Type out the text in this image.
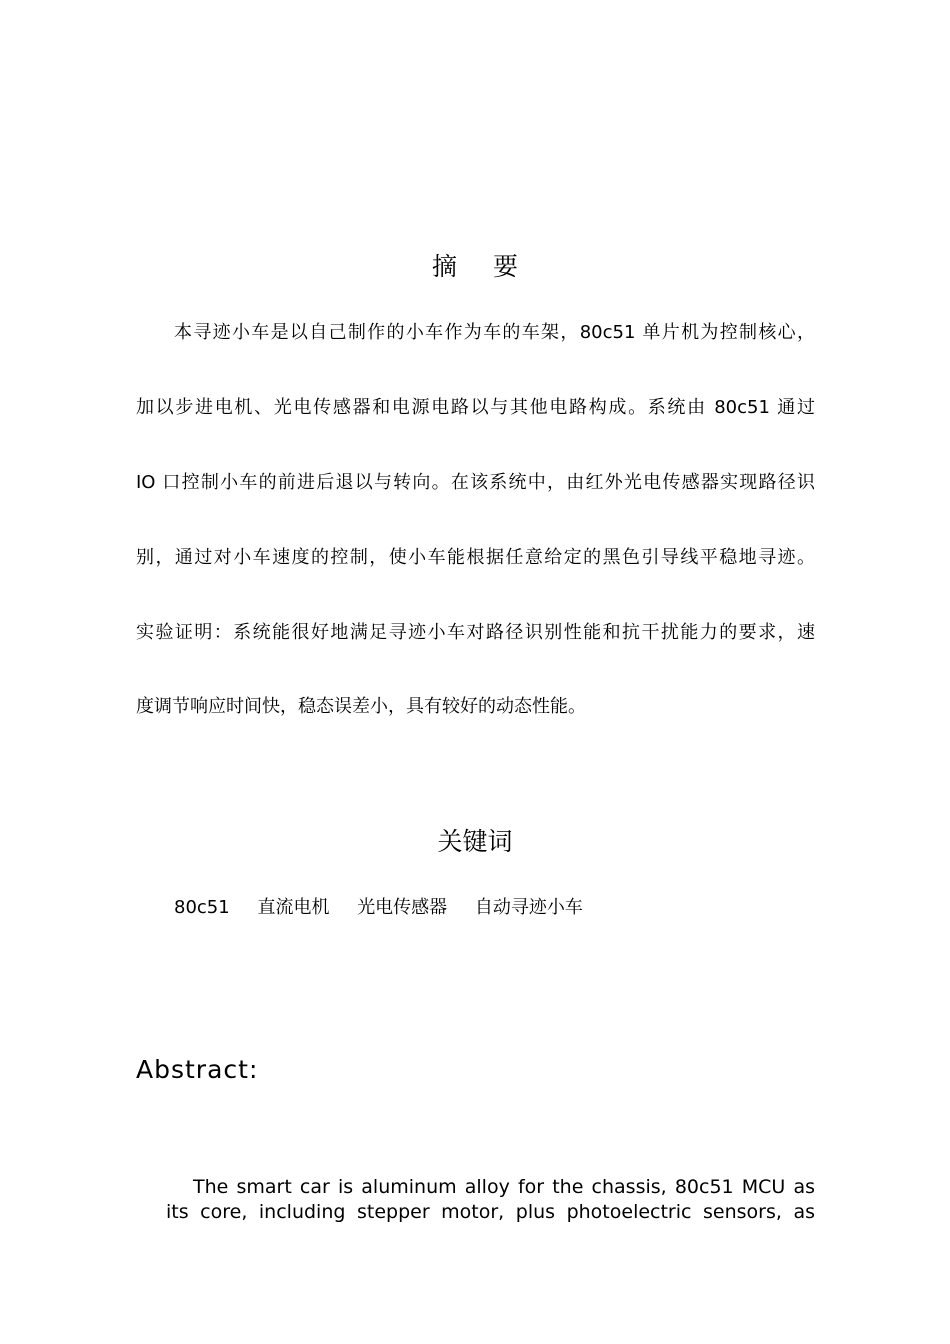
摘 要
本寻迹小车是以自己制作的小车作为车的车架，80c51 单片机为控制核心，
加以步进电机、光电传感器和电源电路以与其他电路构成。系统由 80c51 通过
IO 口控制小车的前进后退以与转向。在该系统中，由红外光电传感器实现路径识
别，通过对小车速度的控制，使小车能根据任意给定的黑色引导线平稳地寻迹。
实验证明：系统能很好地满足寻迹小车对路径识别性能和抗干扰能力的要求，速
度调节响应时间快，稳态误差小，具有较好的动态性能。
关键词
80c51 直流电机 光电传感器 自动寻迹小车
Abstract:
The smart car is aluminum alloy for the chassis, 80c51 MCU as
its core, including stepper motor, plus photoelectric sensors, as
